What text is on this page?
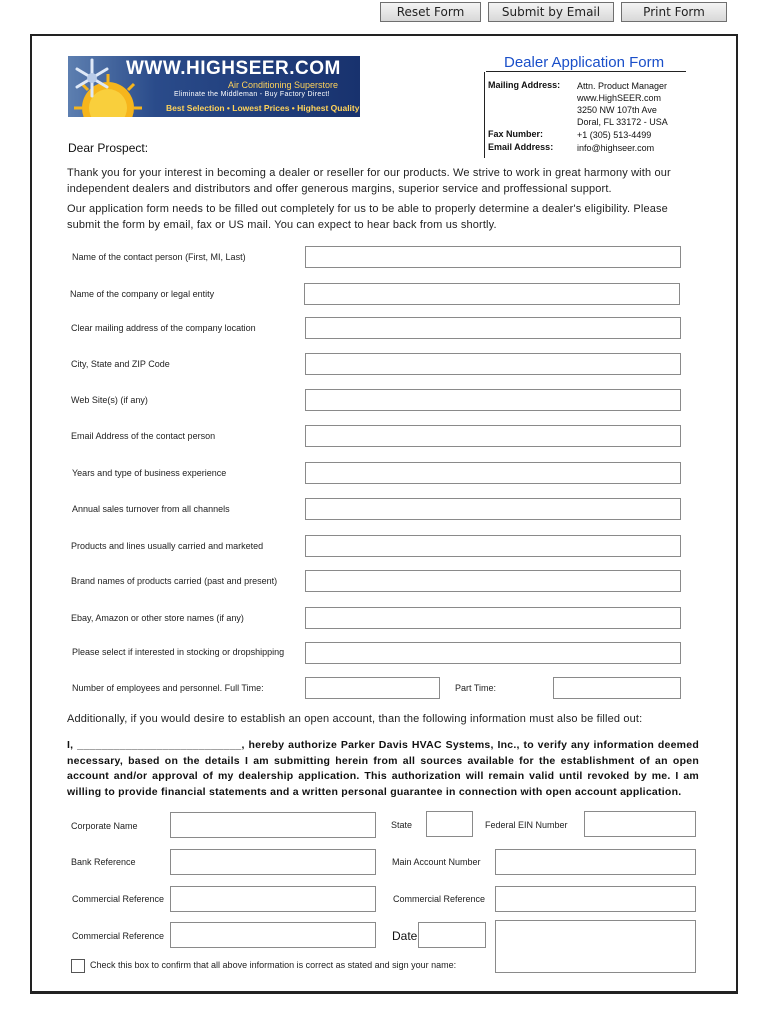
Reset Form	Submit by Email	Print Form
WWW.HIGHSEER.COM
Air Conditioning Superstore
Eliminate the Middleman - Buy Factory Direct!
Best Selection • Lowest Prices • Highest Quality
Dealer Application Form
Mailing Address: Attn. Product Manager
www.HighSEER.com
3250 NW 107th Ave
Doral, FL 33172 - USA
Fax Number:	+1 (305) 513-4499
Email Address:	info@highseer.com
Dear Prospect:
Thank you for your interest in becoming a dealer or reseller for our products. We strive to work in great harmony with our independent dealers and distributors and offer generous margins, superior service and proffessional support.
Our application form needs to be filled out completely for us to be able to properly determine a dealer's eligibility. Please submit the form by email, fax or US mail. You can expect to hear back from us shortly.
Name of the contact person (First, MI, Last)
Name of the company or legal entity
Clear mailing address of the company location
City, State and ZIP Code
Web Site(s) (if any)
Email Address of the contact person
Years and type of business experience
Annual sales turnover from all channels
Products and lines usually carried and marketed
Brand names of products carried (past and present)
Ebay, Amazon or other store names (if any)
Please select if interested in stocking or dropshipping
Number of employees and personnel. Full Time:	Part Time:
Additionally, if you would desire to establish an open account, than the following information must also be filled out:
I, ___________________________, hereby authorize Parker Davis HVAC Systems, Inc., to verify any information deemed necessary, based on the details I am submitting herein from all sources available for the establishment of an open account and/or approval of my dealership application. This authorization will remain valid until revoked by me. I am willing to provide financial statements and a written personal guarantee in connection with open account application.
Corporate Name	State	Federal EIN Number
Bank Reference	Main Account Number
Commercial Reference	Commercial Reference
Commercial Reference	Date
Check this box to confirm that all above information is correct as stated and sign your name:
